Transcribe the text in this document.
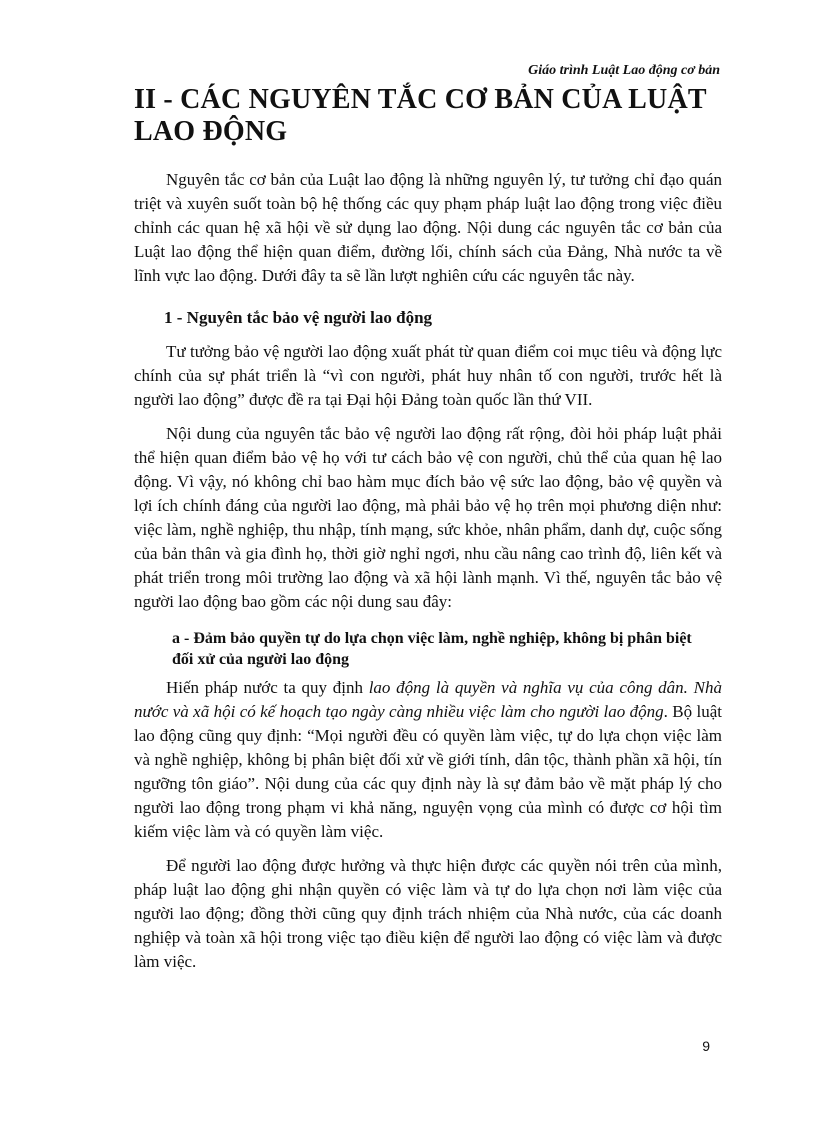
Giáo trình Luật Lao động cơ bản
II - CÁC NGUYÊN TẮC CƠ BẢN CỦA LUẬT LAO ĐỘNG

Nguyên tắc cơ bản của Luật lao động là những nguyên lý, tư tưởng chỉ đạo quán triệt và xuyên suốt toàn bộ hệ thống các quy phạm pháp luật lao động trong việc điều chỉnh các quan hệ xã hội về sử dụng lao động. Nội dung các nguyên tắc cơ bản của Luật lao động thể hiện quan điểm, đường lối, chính sách của Đảng, Nhà nước ta về lĩnh vực lao động. Dưới đây ta sẽ lần lượt nghiên cứu các nguyên tắc này.

1 - Nguyên tắc bảo vệ người lao động

Tư tưởng bảo vệ người lao động xuất phát từ quan điểm coi mục tiêu và động lực chính của sự phát triển là “vì con người, phát huy nhân tố con người, trước hết là người lao động” được đề ra tại Đại hội Đảng toàn quốc lần thứ VII.

Nội dung của nguyên tắc bảo vệ người lao động rất rộng, đòi hỏi pháp luật phải thể hiện quan điểm bảo vệ họ với tư cách bảo vệ con người, chủ thể của quan hệ lao động. Vì vậy, nó không chỉ bao hàm mục đích bảo vệ sức lao động, bảo vệ quyền và lợi ích chính đáng của người lao động, mà phải bảo vệ họ trên mọi phương diện như: việc làm, nghề nghiệp, thu nhập, tính mạng, sức khỏe, nhân phẩm, danh dự, cuộc sống của bản thân và gia đình họ, thời giờ nghỉ ngơi, nhu cầu nâng cao trình độ, liên kết và phát triển trong môi trường lao động và xã hội lành mạnh. Vì thế, nguyên tắc bảo vệ người lao động bao gồm các nội dung sau đây:

a - Đảm bảo quyền tự do lựa chọn việc làm, nghề nghiệp, không bị phân biệt đối xử của người lao động

Hiến pháp nước ta quy định lao động là quyền và nghĩa vụ của công dân. Nhà nước và xã hội có kế hoạch tạo ngày càng nhiều việc làm cho người lao động. Bộ luật lao động cũng quy định: “Mọi người đều có quyền làm việc, tự do lựa chọn việc làm và nghề nghiệp, không bị phân biệt đối xử về giới tính, dân tộc, thành phần xã hội, tín ngưỡng tôn giáo”. Nội dung của các quy định này là sự đảm bảo về mặt pháp lý cho người lao động trong phạm vi khả năng, nguyện vọng của mình có được cơ hội tìm kiếm việc làm và có quyền làm việc.

Để người lao động được hưởng và thực hiện được các quyền nói trên của mình, pháp luật lao động ghi nhận quyền có việc làm và tự do lựa chọn nơi làm việc của người lao động; đồng thời cũng quy định trách nhiệm của Nhà nước, của các doanh nghiệp và toàn xã hội trong việc tạo điều kiện để người lao động có việc làm và được làm việc.

9
